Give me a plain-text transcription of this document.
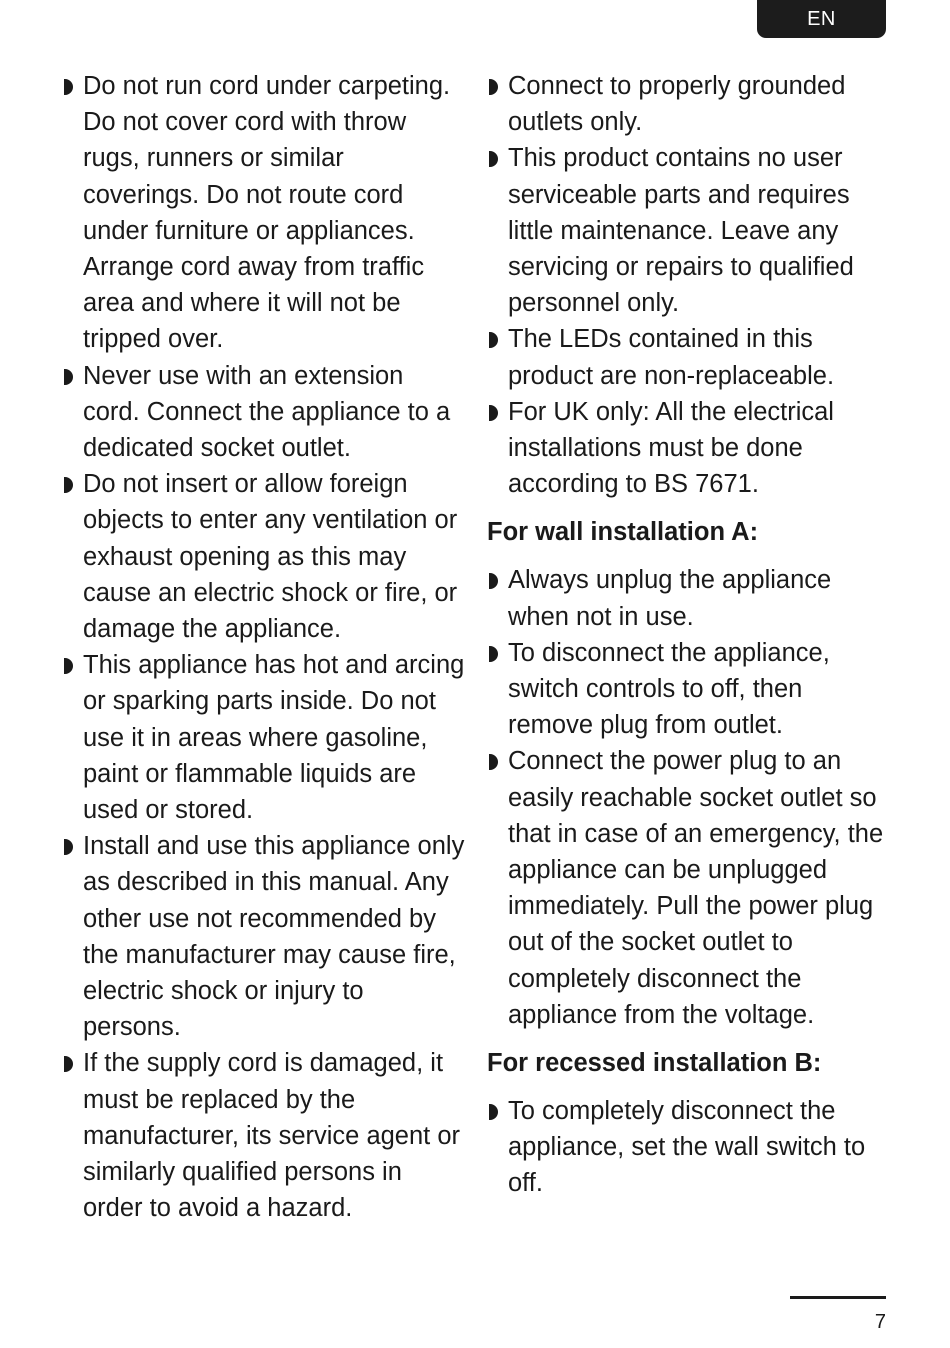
EN
Do not run cord under carpeting. Do not cover cord with throw rugs, runners or similar coverings. Do not route cord under furniture or appliances. Arrange cord away from traffic area and where it will not be tripped over.
Never use with an extension cord. Connect the appliance to a dedicated socket outlet.
Do not insert or allow foreign objects to enter any ventilation or exhaust opening as this may cause an electric shock or fire, or damage the appliance.
This appliance has hot and arcing or sparking parts inside. Do not use it in areas where gasoline, paint or flammable liquids are used or stored.
Install and use this appliance only as described in this manual. Any other use not recommended by the manufacturer may cause fire, electric shock or injury to persons.
If the supply cord is damaged, it must be replaced by the manufacturer, its service agent or similarly qualified persons in order to avoid a hazard.
Connect to properly grounded outlets only.
This product contains no user serviceable parts and requires little maintenance. Leave any servicing or repairs to qualified personnel only.
The LEDs contained in this product are non-replaceable.
For UK only: All the electrical installations must be done according to BS 7671.
For wall installation A:
Always unplug the appliance when not in use.
To disconnect the appliance, switch controls to off, then remove plug from outlet.
Connect the power plug to an easily reachable socket outlet so that in case of an emergency, the appliance can be unplugged immediately. Pull the power plug out of the socket outlet to completely disconnect the appliance from the voltage.
For recessed installation B:
To completely disconnect the appliance, set the wall switch to off.
7
